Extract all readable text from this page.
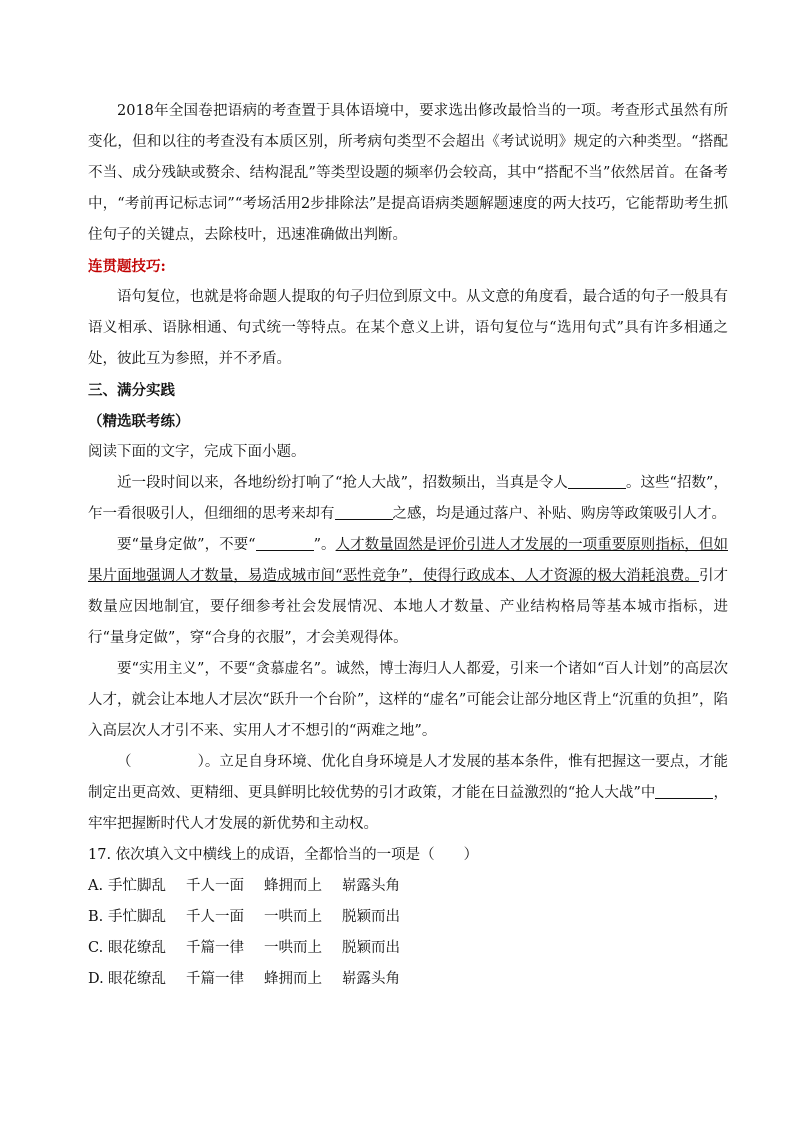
2018年全国卷把语病的考查置于具体语境中，要求选出修改最恰当的一项。考查形式虽然有所变化，但和以往的考查没有本质区别，所考病句类型不会超出《考试说明》规定的六种类型。“搭配不当、成分残缺或赘余、结构混乱”等类型设题的频率仍会较高，其中“搭配不当”依然居首。在备考中，“考前再记标志词”“考场活用2步排除法”是提高语病类题解题速度的两大技巧，它能帮助考生抓住句子的关键点，去除枝叶，迅速准确做出判断。

连贯题技巧:

语句复位，也就是将命题人提取的句子归位到原文中。从文意的角度看，最合适的句子一般具有语义相承、语脉相通、句式统一等特点。在某个意义上讲，语句复位与“选用句式”具有许多相通之处，彼此互为参照，并不矛盾。

三、满分实践

（精选联考练）

阅读下面的文字，完成下面小题。

近一段时间以来，各地纷纷打响了“抢人大战”，招数频出，当真是令人	。这些“招数”，乍一看很吸引人，但细细的思考来却有	之感，均是通过落户、补贴、购房等政策吸引人才。

要“量身定做”，不要“	”。人才数量固然是评价引进人才发展的一项重要原则指标，但如果片面地强调人才数量，易造成城市间“恶性竞争”，使得行政成本、人才资源的极大消耗浪费。引才数量应因地制宜，要仔细参考社会发展情况、本地人才数量、产业结构格局等基本城市指标，进行“量身定做”，穿“合身的衣服”，才会美观得体。

要“实用主义”，不要“贪慕虚名”。诚然，博士海归人人都爱，引来一个诸如“百人计划”的高层次人才，就会让本地人才层次“跃升一个台阶”，这样的“虚名”可能会让部分地区背上“沉重的负担”，陷入高层次人才引不来、实用人才不想引的“两难之地”。

（	）。立足自身环境、优化自身环境是人才发展的基本条件，惟有把握这一要点，才能制定出更高效、更精细、更具鲜明比较优势的引才政策，才能在日益激烈的“抢人大战”中	，牢牢把握断时代人才发展的新优势和主动权。

17. 依次填入文中横线上的成语，全都恰当的一项是（　　）

A. 手忙脚乱 千人一面 蜂拥而上 崭露头角

B. 手忙脚乱 千人一面 一哄而上 脱颖而出

C. 眼花缭乱 千篇一律 一哄而上 脱颖而出

D. 眼花缭乱 千篇一律 蜂拥而上 崭露头角
